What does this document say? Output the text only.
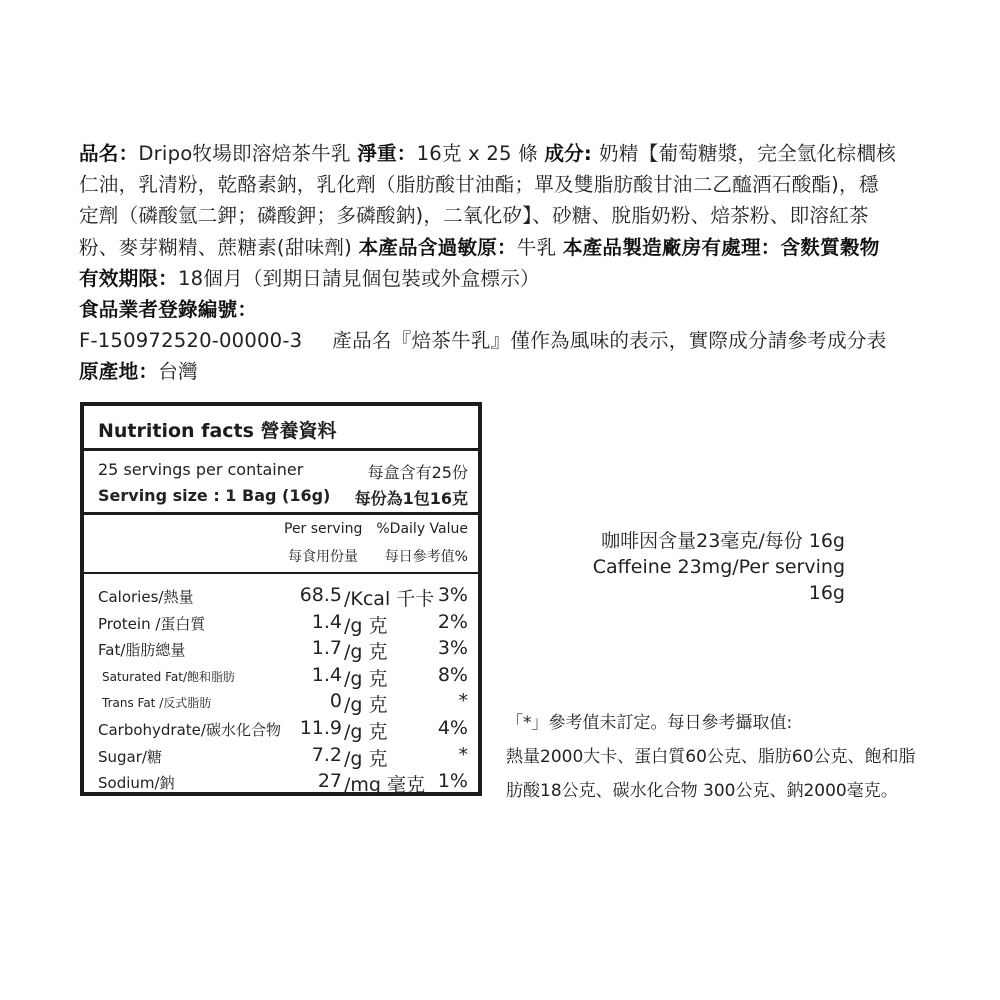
品名：Dripo牧場即溶焙茶牛乳 淨重：16克 x 25 條 成分: 奶精【葡萄糖漿，完全氫化棕櫚核
仁油，乳清粉，乾酪素鈉，乳化劑（脂肪酸甘油酯；單及雙脂肪酸甘油二乙醯酒石酸酯)，穩
定劑（磷酸氫二鉀；磷酸鉀；多磷酸鈉)，二氧化矽】、砂糖、脫脂奶粉、焙茶粉、即溶紅茶
粉、麥芽糊精、蔗糖素(甜味劑) 本產品含過敏原：牛乳 本產品製造廠房有處理：含麩質穀物
有效期限：18個月（到期日請見個包裝或外盒標示）
食品業者登錄編號：
F-150972520-00000-3 產品名『焙茶牛乳』僅作為風味的表示，實際成分請參考成分表
原產地：台灣
Nutrition facts 營養資料
25 servings per container	每盒含有25份
Serving size : 1 Bag (16g) 每份為1包16克
Per serving %Daily Value
每食用份量 每日參考值%
Calories/熱量	68.5 /Kcal 千卡 3%
Protein /蛋白質	1.4 /g 克	2%
Fat/脂肪總量	1.7 /g 克	3%
Saturated Fat/飽和脂肪	1.4 /g 克	8%
Trans Fat /反式脂肪	0 /g 克	*
Carbohydrate/碳水化合物 11.9 /g 克	4%
Sugar/糖	7.2 /g 克	*
Sodium/鈉	27 /mg 毫克 1%
咖啡因含量23毫克/每份 16g
Caffeine 23mg/Per serving 16g
「*」參考值未訂定。每日參考攝取值:
熱量2000大卡、蛋白質60公克、脂肪60公克、飽和脂
肪酸18公克、碳水化合物 300公克、鈉2000毫克。
